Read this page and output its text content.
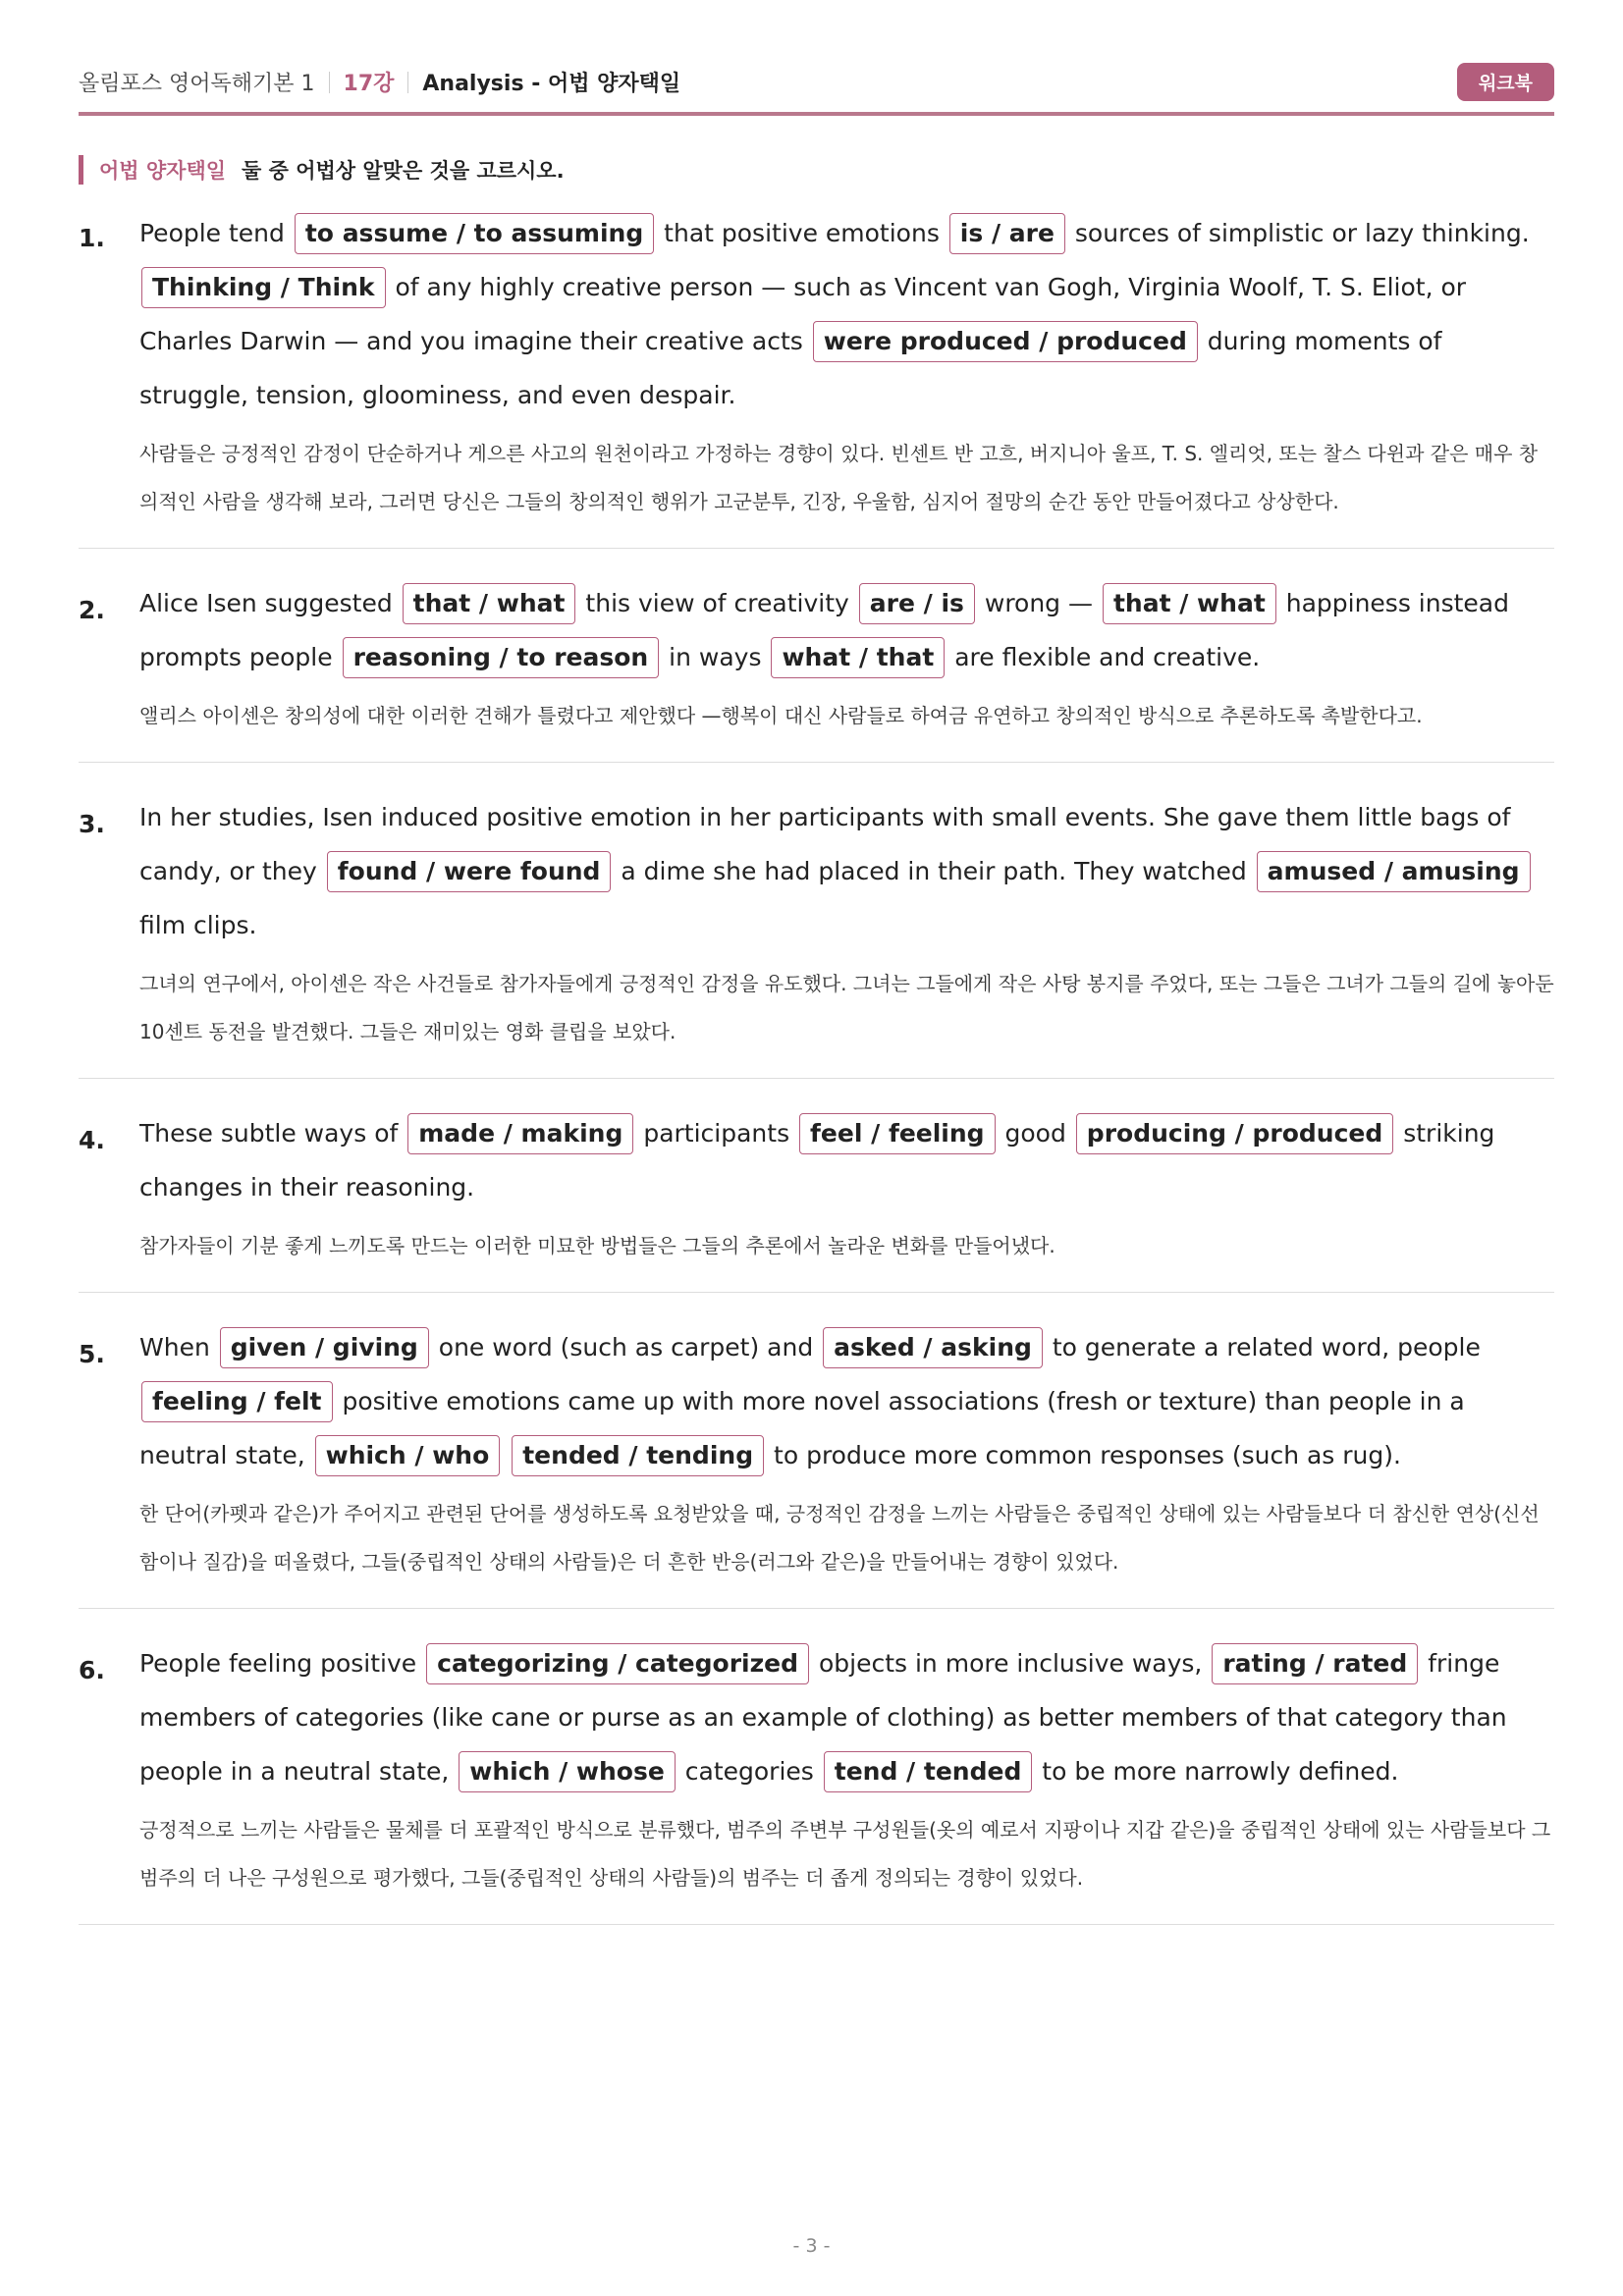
올림포스 영어독해기본 1 17강 Analysis - 어법 양자택일	워크북
어법 양자택일 둘 중 어법상 알맞은 것을 고르시오.
1. People tend to assume / to assuming that positive emotions is / are sources of simplistic or lazy thinking. Thinking / Think of any highly creative person — such as Vincent van Gogh, Virginia Woolf, T. S. Eliot, or Charles Darwin — and you imagine their creative acts were produced / produced during moments of struggle, tension, gloominess, and even despair.

사람들은 긍정적인 감정이 단순하거나 게으른 사고의 원천이라고 가정하는 경향이 있다. 빈센트 반 고흐, 버지니아 울프, T. S. 엘리엇, 또는 찰스 다윈과 같은 매우 창의적인 사람을 생각해 보라, 그러면 당신은 그들의 창의적인 행위가 고군분투, 긴장, 우울함, 심지어 절망의 순간 동안 만들어졌다고 상상한다.

2. Alice Isen suggested that / what this view of creativity are / is wrong — that / what happiness instead prompts people reasoning / to reason in ways what / that are flexible and creative.

앨리스 아이센은 창의성에 대한 이러한 견해가 틀렸다고 제안했다 —행복이 대신 사람들로 하여금 유연하고 창의적인 방식으로 추론하도록 촉발한다고.

3. In her studies, Isen induced positive emotion in her participants with small events. She gave them little bags of candy, or they found / were found a dime she had placed in their path. They watched amused / amusing film clips.

그녀의 연구에서, 아이센은 작은 사건들로 참가자들에게 긍정적인 감정을 유도했다. 그녀는 그들에게 작은 사탕 봉지를 주었다, 또는 그들은 그녀가 그들의 길에 놓아둔 10센트 동전을 발견했다. 그들은 재미있는 영화 클립을 보았다.

4. These subtle ways of made / making participants feel / feeling good producing / produced striking changes in their reasoning.

참가자들이 기분 좋게 느끼도록 만드는 이러한 미묘한 방법들은 그들의 추론에서 놀라운 변화를 만들어냈다.

5. When given / giving one word (such as carpet) and asked / asking to generate a related word, people feeling / felt positive emotions came up with more novel associations (fresh or texture) than people in a neutral state, which / who tended / tending to produce more common responses (such as rug).

한 단어(카펫과 같은)가 주어지고 관련된 단어를 생성하도록 요청받았을 때, 긍정적인 감정을 느끼는 사람들은 중립적인 상태에 있는 사람들보다 더 참신한 연상(신선함이나 질감)을 떠올렸다, 그들(중립적인 상태의 사람들)은 더 흔한 반응(러그와 같은)을 만들어내는 경향이 있었다.

6. People feeling positive categorizing / categorized objects in more inclusive ways, rating / rated fringe members of categories (like cane or purse as an example of clothing) as better members of that category than people in a neutral state, which / whose categories tend / tended to be more narrowly defined.

긍정적으로 느끼는 사람들은 물체를 더 포괄적인 방식으로 분류했다, 범주의 주변부 구성원들(옷의 예로서 지팡이나 지갑 같은)을 중립적인 상태에 있는 사람들보다 그 범주의 더 나은 구성원으로 평가했다, 그들(중립적인 상태의 사람들)의 범주는 더 좁게 정의되는 경향이 있었다.

- 3 -
